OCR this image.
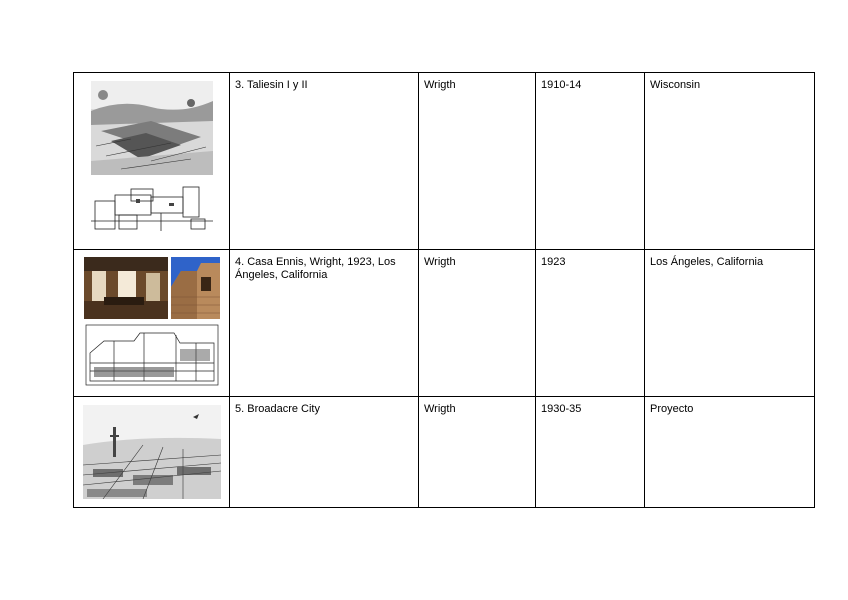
	3. Taliesin I y II	Wrigth	1910-14	Wisconsin

	4. Casa Ennis, Wright, 1923, Los Ángeles, California	Wrigth	1923	Los Ángeles, California

	5. Broadacre City	Wrigth	1930-35	Proyecto
